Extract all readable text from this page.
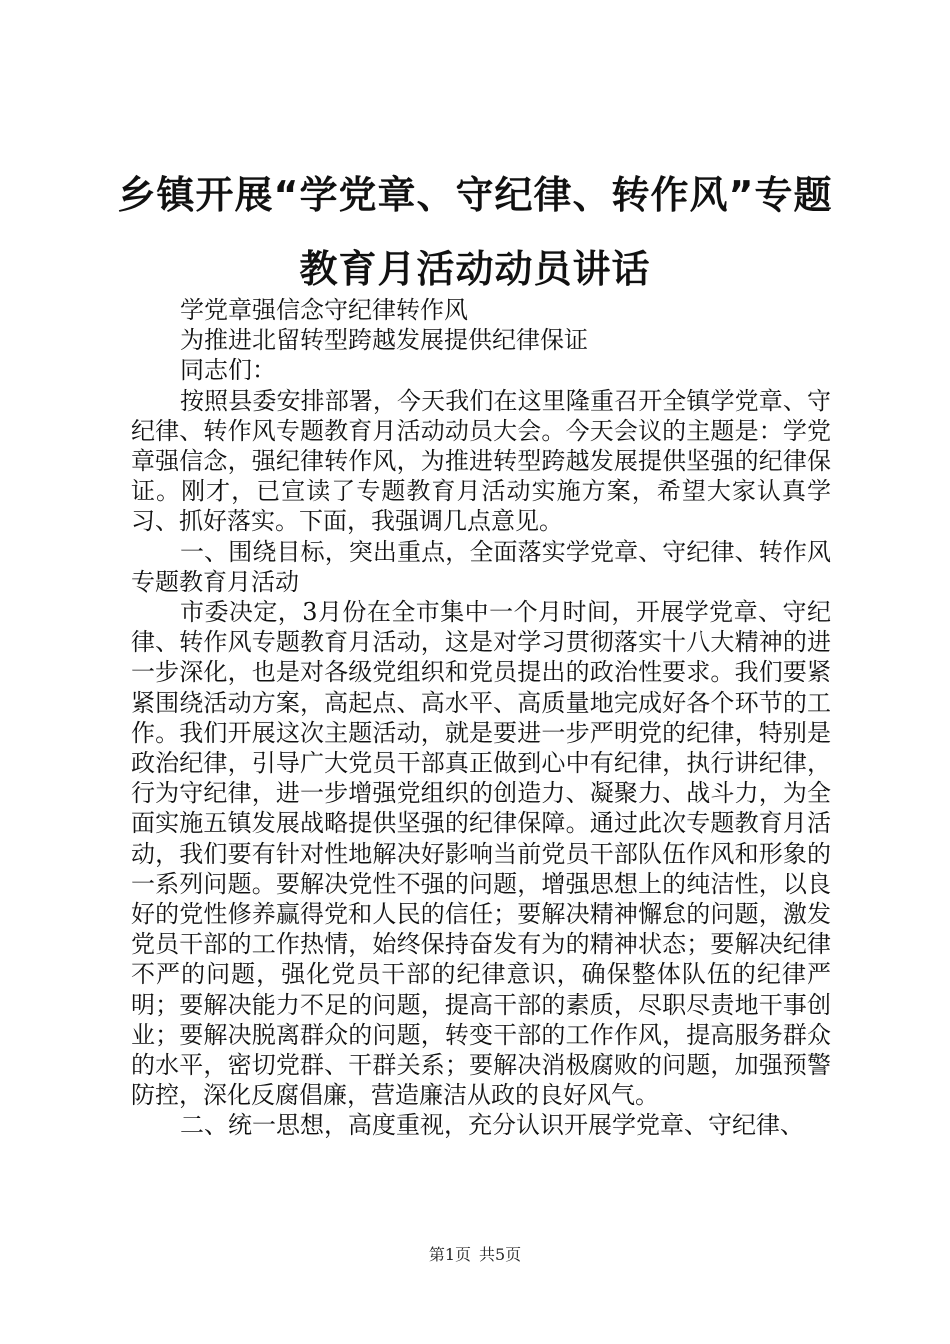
乡镇开展“学党章、守纪律、转作风”专题教育月活动动员讲话

学党章强信念守纪律转作风

为推进北留转型跨越发展提供纪律保证

同志们：

按照县委安排部署，今天我们在这里隆重召开全镇学党章、守纪律、转作风专题教育月活动动员大会。今天会议的主题是：学党章强信念，强纪律转作风，为推进转型跨越发展提供坚强的纪律保证。刚才，已宣读了专题教育月活动实施方案，希望大家认真学习、抓好落实。下面，我强调几点意见。

一、围绕目标，突出重点，全面落实学党章、守纪律、转作风专题教育月活动

市委决定，3月份在全市集中一个月时间，开展学党章、守纪律、转作风专题教育月活动，这是对学习贯彻落实十八大精神的进一步深化，也是对各级党组织和党员提出的政治性要求。我们要紧紧围绕活动方案，高起点、高水平、高质量地完成好各个环节的工作。我们开展这次主题活动，就是要进一步严明党的纪律，特别是政治纪律，引导广大党员干部真正做到心中有纪律，执行讲纪律，行为守纪律，进一步增强党组织的创造力、凝聚力、战斗力，为全面实施五镇发展战略提供坚强的纪律保障。通过此次专题教育月活动，我们要有针对性地解决好影响当前党员干部队伍作风和形象的一系列问题。要解决党性不强的问题，增强思想上的纯洁性，以良好的党性修养赢得党和人民的信任；要解决精神懈怠的问题，激发党员干部的工作热情，始终保持奋发有为的精神状态；要解决纪律不严的问题，强化党员干部的纪律意识，确保整体队伍的纪律严明；要解决能力不足的问题，提高干部的素质，尽职尽责地干事创业；要解决脱离群众的问题，转变干部的工作作风，提高服务群众的水平，密切党群、干群关系；要解决消极腐败的问题，加强预警防控，深化反腐倡廉，营造廉洁从政的良好风气。

二、统一思想，高度重视，充分认识开展学党章、守纪律、

第1页 共5页
